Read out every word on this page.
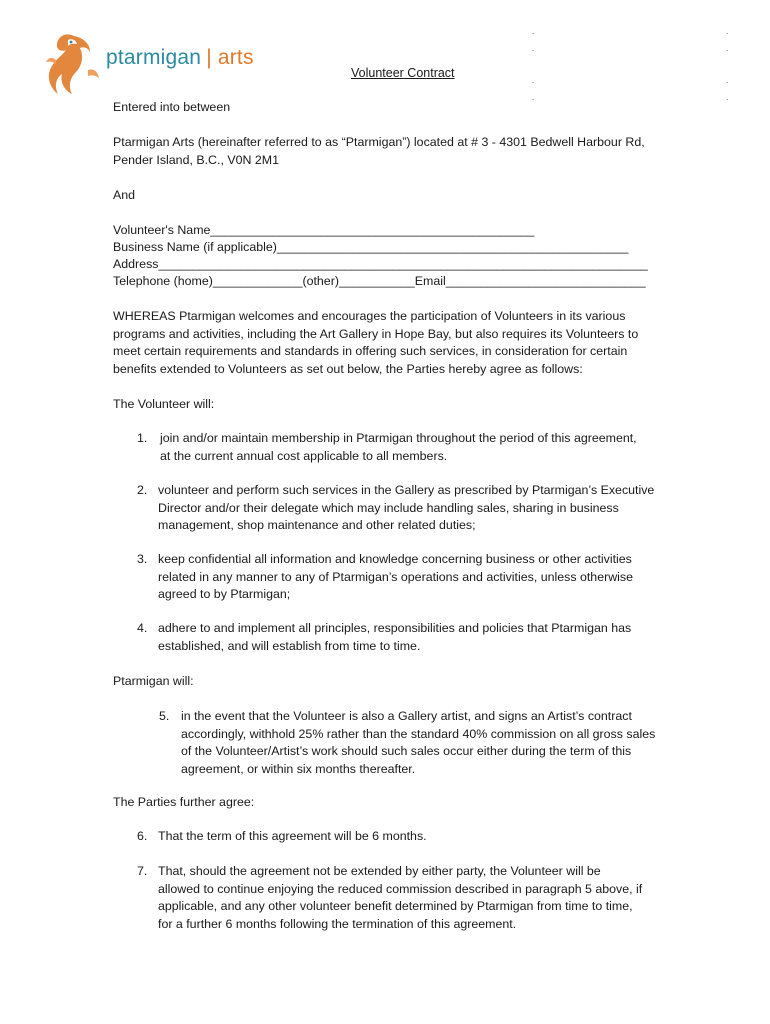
ptarmigan | arts
.	.
.	.
.	.
.	.
Volunteer Contract
Entered into between
Ptarmigan Arts (hereinafter referred to as “Ptarmigan”) located at # 3 - 4301 Bedwell Harbour Rd,
Pender Island, B.C., V0N 2M1
And
Volunteer's Name_______________________________________________
Business Name (if applicable)___________________________________________________
Address_______________________________________________________________________
Telephone (home)_____________(other)___________Email_____________________________
WHEREAS Ptarmigan welcomes and encourages the participation of Volunteers in its various
programs and activities, including the Art Gallery in Hope Bay, but also requires its Volunteers to
meet certain requirements and standards in offering such services, in consideration for certain
benefits extended to Volunteers as set out below, the Parties hereby agree as follows:
The Volunteer will:
1. join and/or maintain membership in Ptarmigan throughout the period of this agreement,
at the current annual cost applicable to all members.
2. volunteer and perform such services in the Gallery as prescribed by Ptarmigan’s Executive
Director and/or their delegate which may include handling sales, sharing in business
management, shop maintenance and other related duties;
3. keep confidential all information and knowledge concerning business or other activities
related in any manner to any of Ptarmigan’s operations and activities, unless otherwise
agreed to by Ptarmigan;
4. adhere to and implement all principles, responsibilities and policies that Ptarmigan has
established, and will establish from time to time.
Ptarmigan will:
5. in the event that the Volunteer is also a Gallery artist, and signs an Artist’s contract
accordingly, withhold 25% rather than the standard 40% commission on all gross sales
of the Volunteer/Artist’s work should such sales occur either during the term of this
agreement, or within six months thereafter.
The Parties further agree:
6. That the term of this agreement will be 6 months.
7. That, should the agreement not be extended by either party, the Volunteer will be
allowed to continue enjoying the reduced commission described in paragraph 5 above, if
applicable, and any other volunteer benefit determined by Ptarmigan from time to time,
for a further 6 months following the termination of this agreement.
